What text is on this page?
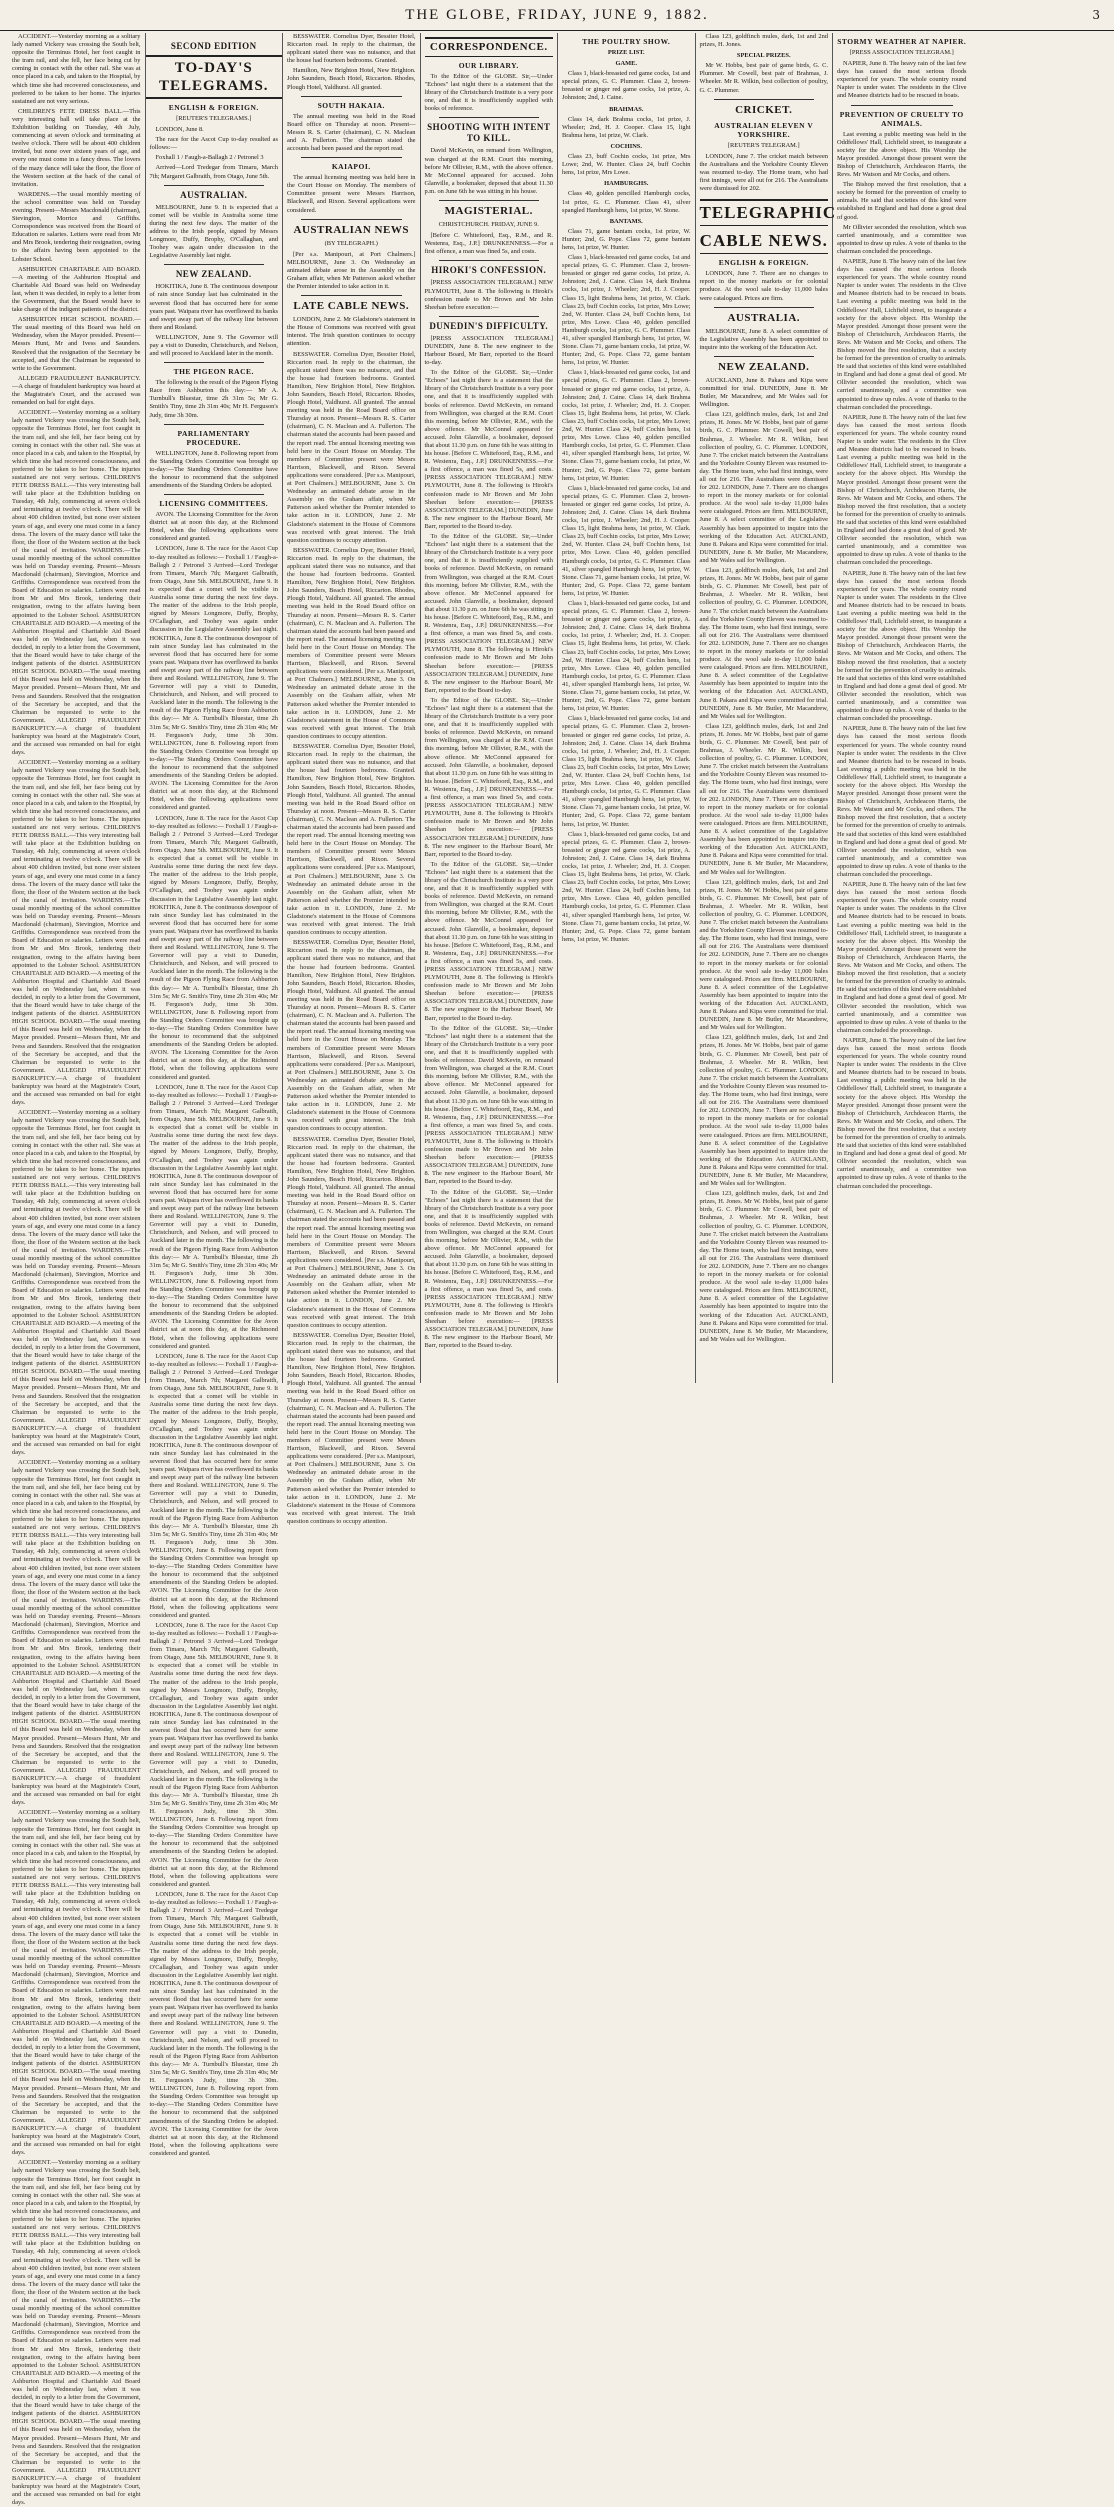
THE GLOBE, FRIDAY, JUNE 9, 1882.	3

ACCIDENT.—Yesterday morning as a solitary lady named Vickery was crossing the South belt, opposite the Terminus Hotel, her foot caught in the tram rail, and she fell, her face being cut by coming in contact with the other rail. She was at once placed in a cab, and taken to the Hospital, by which time she had recovered consciousness, and preferred to be taken to her home. The injuries sustained are not very serious.

CHILDREN'S FETE DRESS BALL.—This very interesting ball will take place at the Exhibition building on Tuesday, 4th July, commencing at seven o'clock and terminating at twelve o'clock. There will be about 400 children invited, but none over sixteen years of age, and every one must come in a fancy dress. The lovers of the mazy dance will take the floor, the floor of the Western section at the back of the canal of invitation.

WARDENS.—The usual monthly meeting of the school committee was held on Tuesday evening. Present—Messrs Macdonald (chairman), Stevington, Morrice and Griffiths. Correspondence was received from the Board of Education re salaries. Letters were read from Mr and Mrs Brook, tendering their resignation, owing to the affairs having been appointed to the Lobster School.

ASHBURTON CHARITABLE AID BOARD.—A meeting of the Ashburton Hospital and Charitable Aid Board was held on Wednesday last, when it was decided, in reply to a letter from the Government, that the Board would have to take charge of the indigent patients of the district.

ASHBURTON HIGH SCHOOL BOARD.—The usual meeting of this Board was held on Wednesday, when the Mayor presided. Present—Messrs Hunt, Mr and Ivess and Saunders. Resolved that the resignation of the Secretary be accepted, and that the Chairman be requested to write to the Government.

ALLEGED FRAUDULENT BANKRUPTCY.—A charge of fraudulent bankruptcy was heard at the Magistrate's Court, and the accused was remanded on bail for eight days.

ACCIDENT.—Yesterday morning as a solitary lady named Vickery was crossing the South belt, opposite the Terminus Hotel, her foot caught in the tram rail, and she fell, her face being cut by coming in contact with the other rail. She was at once placed in a cab, and taken to the Hospital, by which time she had recovered consciousness, and preferred to be taken to her home. The injuries sustained are not very serious. CHILDREN'S FETE DRESS BALL.—This very interesting ball will take place at the Exhibition building on Tuesday, 4th July, commencing at seven o'clock and terminating at twelve o'clock. There will be about 400 children invited, but none over sixteen years of age, and every one must come in a fancy dress. The lovers of the mazy dance will take the floor, the floor of the Western section at the back of the canal of invitation. WARDENS.—The usual monthly meeting of the school committee was held on Tuesday evening. Present—Messrs Macdonald (chairman), Stevington, Morrice and Griffiths. Correspondence was received from the Board of Education re salaries. Letters were read from Mr and Mrs Brook, tendering their resignation, owing to the affairs having been appointed to the Lobster School. ASHBURTON CHARITABLE AID BOARD.—A meeting of the Ashburton Hospital and Charitable Aid Board was held on Wednesday last, when it was decided, in reply to a letter from the Government, that the Board would have to take charge of the indigent patients of the district. ASHBURTON HIGH SCHOOL BOARD.—The usual meeting of this Board was held on Wednesday, when the Mayor presided. Present—Messrs Hunt, Mr and Ivess and Saunders. Resolved that the resignation of the Secretary be accepted, and that the Chairman be requested to write to the Government. ALLEGED FRAUDULENT BANKRUPTCY.—A charge of fraudulent bankruptcy was heard at the Magistrate's Court, and the accused was remanded on bail for eight days.

ACCIDENT.—Yesterday morning as a solitary lady named Vickery was crossing the South belt, opposite the Terminus Hotel, her foot caught in the tram rail, and she fell, her face being cut by coming in contact with the other rail. She was at once placed in a cab, and taken to the Hospital, by which time she had recovered consciousness, and preferred to be taken to her home. The injuries sustained are not very serious. CHILDREN'S FETE DRESS BALL.—This very interesting ball will take place at the Exhibition building on Tuesday, 4th July, commencing at seven o'clock and terminating at twelve o'clock. There will be about 400 children invited, but none over sixteen years of age, and every one must come in a fancy dress. The lovers of the mazy dance will take the floor, the floor of the Western section at the back of the canal of invitation. WARDENS.—The usual monthly meeting of the school committee was held on Tuesday evening. Present—Messrs Macdonald (chairman), Stevington, Morrice and Griffiths. Correspondence was received from the Board of Education re salaries. Letters were read from Mr and Mrs Brook, tendering their resignation, owing to the affairs having been appointed to the Lobster School. ASHBURTON CHARITABLE AID BOARD.—A meeting of the Ashburton Hospital and Charitable Aid Board was held on Wednesday last, when it was decided, in reply to a letter from the Government, that the Board would have to take charge of the indigent patients of the district. ASHBURTON HIGH SCHOOL BOARD.—The usual meeting of this Board was held on Wednesday, when the Mayor presided. Present—Messrs Hunt, Mr and Ivess and Saunders. Resolved that the resignation of the Secretary be accepted, and that the Chairman be requested to write to the Government. ALLEGED FRAUDULENT BANKRUPTCY.—A charge of fraudulent bankruptcy was heard at the Magistrate's Court, and the accused was remanded on bail for eight days.

ACCIDENT.—Yesterday morning as a solitary lady named Vickery was crossing the South belt, opposite the Terminus Hotel, her foot caught in the tram rail, and she fell, her face being cut by coming in contact with the other rail. She was at once placed in a cab, and taken to the Hospital, by which time she had recovered consciousness, and preferred to be taken to her home. The injuries sustained are not very serious. CHILDREN'S FETE DRESS BALL.—This very interesting ball will take place at the Exhibition building on Tuesday, 4th July, commencing at seven o'clock and terminating at twelve o'clock. There will be about 400 children invited, but none over sixteen years of age, and every one must come in a fancy dress. The lovers of the mazy dance will take the floor, the floor of the Western section at the back of the canal of invitation. WARDENS.—The usual monthly meeting of the school committee was held on Tuesday evening. Present—Messrs Macdonald (chairman), Stevington, Morrice and Griffiths. Correspondence was received from the Board of Education re salaries. Letters were read from Mr and Mrs Brook, tendering their resignation, owing to the affairs having been appointed to the Lobster School. ASHBURTON CHARITABLE AID BOARD.—A meeting of the Ashburton Hospital and Charitable Aid Board was held on Wednesday last, when it was decided, in reply to a letter from the Government, that the Board would have to take charge of the indigent patients of the district. ASHBURTON HIGH SCHOOL BOARD.—The usual meeting of this Board was held on Wednesday, when the Mayor presided. Present—Messrs Hunt, Mr and Ivess and Saunders. Resolved that the resignation of the Secretary be accepted, and that the Chairman be requested to write to the Government. ALLEGED FRAUDULENT BANKRUPTCY.—A charge of fraudulent bankruptcy was heard at the Magistrate's Court, and the accused was remanded on bail for eight days.

ACCIDENT.—Yesterday morning as a solitary lady named Vickery was crossing the South belt, opposite the Terminus Hotel, her foot caught in the tram rail, and she fell, her face being cut by coming in contact with the other rail. She was at once placed in a cab, and taken to the Hospital, by which time she had recovered consciousness, and preferred to be taken to her home. The injuries sustained are not very serious. CHILDREN'S FETE DRESS BALL.—This very interesting ball will take place at the Exhibition building on Tuesday, 4th July, commencing at seven o'clock and terminating at twelve o'clock. There will be about 400 children invited, but none over sixteen years of age, and every one must come in a fancy dress. The lovers of the mazy dance will take the floor, the floor of the Western section at the back of the canal of invitation. WARDENS.—The usual monthly meeting of the school committee was held on Tuesday evening. Present—Messrs Macdonald (chairman), Stevington, Morrice and Griffiths. Correspondence was received from the Board of Education re salaries. Letters were read from Mr and Mrs Brook, tendering their resignation, owing to the affairs having been appointed to the Lobster School. ASHBURTON CHARITABLE AID BOARD.—A meeting of the Ashburton Hospital and Charitable Aid Board was held on Wednesday last, when it was decided, in reply to a letter from the Government, that the Board would have to take charge of the indigent patients of the district. ASHBURTON HIGH SCHOOL BOARD.—The usual meeting of this Board was held on Wednesday, when the Mayor presided. Present—Messrs Hunt, Mr and Ivess and Saunders. Resolved that the resignation of the Secretary be accepted, and that the Chairman be requested to write to the Government. ALLEGED FRAUDULENT BANKRUPTCY.—A charge of fraudulent bankruptcy was heard at the Magistrate's Court, and the accused was remanded on bail for eight days.

ACCIDENT.—Yesterday morning as a solitary lady named Vickery was crossing the South belt, opposite the Terminus Hotel, her foot caught in the tram rail, and she fell, her face being cut by coming in contact with the other rail. She was at once placed in a cab, and taken to the Hospital, by which time she had recovered consciousness, and preferred to be taken to her home. The injuries sustained are not very serious. CHILDREN'S FETE DRESS BALL.—This very interesting ball will take place at the Exhibition building on Tuesday, 4th July, commencing at seven o'clock and terminating at twelve o'clock. There will be about 400 children invited, but none over sixteen years of age, and every one must come in a fancy dress. The lovers of the mazy dance will take the floor, the floor of the Western section at the back of the canal of invitation. WARDENS.—The usual monthly meeting of the school committee was held on Tuesday evening. Present—Messrs Macdonald (chairman), Stevington, Morrice and Griffiths. Correspondence was received from the Board of Education re salaries. Letters were read from Mr and Mrs Brook, tendering their resignation, owing to the affairs having been appointed to the Lobster School. ASHBURTON CHARITABLE AID BOARD.—A meeting of the Ashburton Hospital and Charitable Aid Board was held on Wednesday last, when it was decided, in reply to a letter from the Government, that the Board would have to take charge of the indigent patients of the district. ASHBURTON HIGH SCHOOL BOARD.—The usual meeting of this Board was held on Wednesday, when the Mayor presided. Present—Messrs Hunt, Mr and Ivess and Saunders. Resolved that the resignation of the Secretary be accepted, and that the Chairman be requested to write to the Government. ALLEGED FRAUDULENT BANKRUPTCY.—A charge of fraudulent bankruptcy was heard at the Magistrate's Court, and the accused was remanded on bail for eight days.

ACCIDENT.—Yesterday morning as a solitary lady named Vickery was crossing the South belt, opposite the Terminus Hotel, her foot caught in the tram rail, and she fell, her face being cut by coming in contact with the other rail. She was at once placed in a cab, and taken to the Hospital, by which time she had recovered consciousness, and preferred to be taken to her home. The injuries sustained are not very serious. CHILDREN'S FETE DRESS BALL.—This very interesting ball will take place at the Exhibition building on Tuesday, 4th July, commencing at seven o'clock and terminating at twelve o'clock. There will be about 400 children invited, but none over sixteen years of age, and every one must come in a fancy dress. The lovers of the mazy dance will take the floor, the floor of the Western section at the back of the canal of invitation. WARDENS.—The usual monthly meeting of the school committee was held on Tuesday evening. Present—Messrs Macdonald (chairman), Stevington, Morrice and Griffiths. Correspondence was received from the Board of Education re salaries. Letters were read from Mr and Mrs Brook, tendering their resignation, owing to the affairs having been appointed to the Lobster School. ASHBURTON CHARITABLE AID BOARD.—A meeting of the Ashburton Hospital and Charitable Aid Board was held on Wednesday last, when it was decided, in reply to a letter from the Government, that the Board would have to take charge of the indigent patients of the district. ASHBURTON HIGH SCHOOL BOARD.—The usual meeting of this Board was held on Wednesday, when the Mayor presided. Present—Messrs Hunt, Mr and Ivess and Saunders. Resolved that the resignation of the Secretary be accepted, and that the Chairman be requested to write to the Government. ALLEGED FRAUDULENT BANKRUPTCY.—A charge of fraudulent bankruptcy was heard at the Magistrate's Court, and the accused was remanded on bail for eight days.

SECOND EDITION
TO-DAY'S TELEGRAMS.
ENGLISH & FOREIGN.
[REUTER'S TELEGRAMS.]

LONDON, June 8.

The race for the Ascot Cup to-day resulted as follows:—

Foxhall 1 / Faugh-a-Ballagh 2 / Petronel 3

Arrived—Lord Tredegar from Timaru, March 7th; Margaret Galbraith, from Otago, June 5th.

AUSTRALIAN.

MELBOURNE, June 9. It is expected that a comet will be visible in Australia some time during the next few days. The matter of the address to the Irish people, signed by Messrs Longmore, Duffy, Brophy, O'Callaghan, and Toohey was again under discussion in the Legislative Assembly last night.

NEW ZEALAND.

HOKITIKA, June 8. The continuous downpour of rain since Sunday last has culminated in the severest flood that has occurred here for some years past. Waipara river has overflowed its banks and swept away part of the railway line between there and Rosland.

WELLINGTON, June 9. The Governor will pay a visit to Dunedin, Christchurch, and Nelson, and will proceed to Auckland later in the month.

THE PIGEON RACE.

The following is the result of the Pigeon Flying Race from Ashburton this day:— Mr A. Turnbull's Bluestar, time 2h 31m 5s; Mr G. Smith's Tiny, time 2h 31m 40s; Mr H. Ferguson's Judy, time 3h 30m.

PARLIAMENTARY PROCEDURE.

WELLINGTON, June 8. Following report from the Standing Orders Committee was brought up to-day:—The Standing Orders Committee have the honour to recommend that the subjoined amendments of the Standing Orders be adopted.

LICENSING COMMITTEES.

AVON. The Licensing Committee for the Avon district sat at noon this day, at the Richmond Hotel, when the following applications were considered and granted.

LONDON, June 8. The race for the Ascot Cup to-day resulted as follows:— Foxhall 1 / Faugh-a-Ballagh 2 / Petronel 3 Arrived—Lord Tredegar from Timaru, March 7th; Margaret Galbraith, from Otago, June 5th. MELBOURNE, June 9. It is expected that a comet will be visible in Australia some time during the next few days. The matter of the address to the Irish people, signed by Messrs Longmore, Duffy, Brophy, O'Callaghan, and Toohey was again under discussion in the Legislative Assembly last night. HOKITIKA, June 8. The continuous downpour of rain since Sunday last has culminated in the severest flood that has occurred here for some years past. Waipara river has overflowed its banks and swept away part of the railway line between there and Rosland. WELLINGTON, June 9. The Governor will pay a visit to Dunedin, Christchurch, and Nelson, and will proceed to Auckland later in the month. The following is the result of the Pigeon Flying Race from Ashburton this day:— Mr A. Turnbull's Bluestar, time 2h 31m 5s; Mr G. Smith's Tiny, time 2h 31m 40s; Mr H. Ferguson's Judy, time 3h 30m. WELLINGTON, June 8. Following report from the Standing Orders Committee was brought up to-day:—The Standing Orders Committee have the honour to recommend that the subjoined amendments of the Standing Orders be adopted. AVON. The Licensing Committee for the Avon district sat at noon this day, at the Richmond Hotel, when the following applications were considered and granted.

LONDON, June 8. The race for the Ascot Cup to-day resulted as follows:— Foxhall 1 / Faugh-a-Ballagh 2 / Petronel 3 Arrived—Lord Tredegar from Timaru, March 7th; Margaret Galbraith, from Otago, June 5th. MELBOURNE, June 9. It is expected that a comet will be visible in Australia some time during the next few days. The matter of the address to the Irish people, signed by Messrs Longmore, Duffy, Brophy, O'Callaghan, and Toohey was again under discussion in the Legislative Assembly last night. HOKITIKA, June 8. The continuous downpour of rain since Sunday last has culminated in the severest flood that has occurred here for some years past. Waipara river has overflowed its banks and swept away part of the railway line between there and Rosland. WELLINGTON, June 9. The Governor will pay a visit to Dunedin, Christchurch, and Nelson, and will proceed to Auckland later in the month. The following is the result of the Pigeon Flying Race from Ashburton this day:— Mr A. Turnbull's Bluestar, time 2h 31m 5s; Mr G. Smith's Tiny, time 2h 31m 40s; Mr H. Ferguson's Judy, time 3h 30m. WELLINGTON, June 8. Following report from the Standing Orders Committee was brought up to-day:—The Standing Orders Committee have the honour to recommend that the subjoined amendments of the Standing Orders be adopted. AVON. The Licensing Committee for the Avon district sat at noon this day, at the Richmond Hotel, when the following applications were considered and granted.

LONDON, June 8. The race for the Ascot Cup to-day resulted as follows:— Foxhall 1 / Faugh-a-Ballagh 2 / Petronel 3 Arrived—Lord Tredegar from Timaru, March 7th; Margaret Galbraith, from Otago, June 5th. MELBOURNE, June 9. It is expected that a comet will be visible in Australia some time during the next few days. The matter of the address to the Irish people, signed by Messrs Longmore, Duffy, Brophy, O'Callaghan, and Toohey was again under discussion in the Legislative Assembly last night. HOKITIKA, June 8. The continuous downpour of rain since Sunday last has culminated in the severest flood that has occurred here for some years past. Waipara river has overflowed its banks and swept away part of the railway line between there and Rosland. WELLINGTON, June 9. The Governor will pay a visit to Dunedin, Christchurch, and Nelson, and will proceed to Auckland later in the month. The following is the result of the Pigeon Flying Race from Ashburton this day:— Mr A. Turnbull's Bluestar, time 2h 31m 5s; Mr G. Smith's Tiny, time 2h 31m 40s; Mr H. Ferguson's Judy, time 3h 30m. WELLINGTON, June 8. Following report from the Standing Orders Committee was brought up to-day:—The Standing Orders Committee have the honour to recommend that the subjoined amendments of the Standing Orders be adopted. AVON. The Licensing Committee for the Avon district sat at noon this day, at the Richmond Hotel, when the following applications were considered and granted.

LONDON, June 8. The race for the Ascot Cup to-day resulted as follows:— Foxhall 1 / Faugh-a-Ballagh 2 / Petronel 3 Arrived—Lord Tredegar from Timaru, March 7th; Margaret Galbraith, from Otago, June 5th. MELBOURNE, June 9. It is expected that a comet will be visible in Australia some time during the next few days. The matter of the address to the Irish people, signed by Messrs Longmore, Duffy, Brophy, O'Callaghan, and Toohey was again under discussion in the Legislative Assembly last night. HOKITIKA, June 8. The continuous downpour of rain since Sunday last has culminated in the severest flood that has occurred here for some years past. Waipara river has overflowed its banks and swept away part of the railway line between there and Rosland. WELLINGTON, June 9. The Governor will pay a visit to Dunedin, Christchurch, and Nelson, and will proceed to Auckland later in the month. The following is the result of the Pigeon Flying Race from Ashburton this day:— Mr A. Turnbull's Bluestar, time 2h 31m 5s; Mr G. Smith's Tiny, time 2h 31m 40s; Mr H. Ferguson's Judy, time 3h 30m. WELLINGTON, June 8. Following report from the Standing Orders Committee was brought up to-day:—The Standing Orders Committee have the honour to recommend that the subjoined amendments of the Standing Orders be adopted. AVON. The Licensing Committee for the Avon district sat at noon this day, at the Richmond Hotel, when the following applications were considered and granted.

LONDON, June 8. The race for the Ascot Cup to-day resulted as follows:— Foxhall 1 / Faugh-a-Ballagh 2 / Petronel 3 Arrived—Lord Tredegar from Timaru, March 7th; Margaret Galbraith, from Otago, June 5th. MELBOURNE, June 9. It is expected that a comet will be visible in Australia some time during the next few days. The matter of the address to the Irish people, signed by Messrs Longmore, Duffy, Brophy, O'Callaghan, and Toohey was again under discussion in the Legislative Assembly last night. HOKITIKA, June 8. The continuous downpour of rain since Sunday last has culminated in the severest flood that has occurred here for some years past. Waipara river has overflowed its banks and swept away part of the railway line between there and Rosland. WELLINGTON, June 9. The Governor will pay a visit to Dunedin, Christchurch, and Nelson, and will proceed to Auckland later in the month. The following is the result of the Pigeon Flying Race from Ashburton this day:— Mr A. Turnbull's Bluestar, time 2h 31m 5s; Mr G. Smith's Tiny, time 2h 31m 40s; Mr H. Ferguson's Judy, time 3h 30m. WELLINGTON, June 8. Following report from the Standing Orders Committee was brought up to-day:—The Standing Orders Committee have the honour to recommend that the subjoined amendments of the Standing Orders be adopted. AVON. The Licensing Committee for the Avon district sat at noon this day, at the Richmond Hotel, when the following applications were considered and granted.

LONDON, June 8. The race for the Ascot Cup to-day resulted as follows:— Foxhall 1 / Faugh-a-Ballagh 2 / Petronel 3 Arrived—Lord Tredegar from Timaru, March 7th; Margaret Galbraith, from Otago, June 5th. MELBOURNE, June 9. It is expected that a comet will be visible in Australia some time during the next few days. The matter of the address to the Irish people, signed by Messrs Longmore, Duffy, Brophy, O'Callaghan, and Toohey was again under discussion in the Legislative Assembly last night. HOKITIKA, June 8. The continuous downpour of rain since Sunday last has culminated in the severest flood that has occurred here for some years past. Waipara river has overflowed its banks and swept away part of the railway line between there and Rosland. WELLINGTON, June 9. The Governor will pay a visit to Dunedin, Christchurch, and Nelson, and will proceed to Auckland later in the month. The following is the result of the Pigeon Flying Race from Ashburton this day:— Mr A. Turnbull's Bluestar, time 2h 31m 5s; Mr G. Smith's Tiny, time 2h 31m 40s; Mr H. Ferguson's Judy, time 3h 30m. WELLINGTON, June 8. Following report from the Standing Orders Committee was brought up to-day:—The Standing Orders Committee have the honour to recommend that the subjoined amendments of the Standing Orders be adopted. AVON. The Licensing Committee for the Avon district sat at noon this day, at the Richmond Hotel, when the following applications were considered and granted.

BESSWATER. Cornelius Dyer, Bessiter Hotel, Riccarton road. In reply to the chairman, the applicant stated there was no nuisance, and that the house had fourteen bedrooms. Granted.

Hamilton, New Brighton Hotel, New Brighton. John Saunders, Beach Hotel, Riccarton. Rhodes, Plough Hotel, Yaldhurst. All granted.

SOUTH HAKAIA.

The annual meeting was held in the Road Board office on Thursday at noon. Present—Messrs R. S. Carter (chairman), C. N. Maclean and A. Fullerton. The chairman stated the accounts had been passed and the report read.

KAIAPOI.

The annual licensing meeting was held here in the Court House on Monday. The members of Committee present were Messrs Harrison, Blackwell, and Rixon. Several applications were considered.

AUSTRALIAN NEWS
(BY TELEGRAPH.)

[Per s.s. Manipouri, at Port Chalmers.] MELBOURNE, June 3. On Wednesday an animated debate arose in the Assembly on the Graham affair, when Mr Patterson asked whether the Premier intended to take action in it.

LATE CABLE NEWS.

LONDON, June 2. Mr Gladstone's statement in the House of Commons was received with great interest. The Irish question continues to occupy attention.

BESSWATER. Cornelius Dyer, Bessiter Hotel, Riccarton road. In reply to the chairman, the applicant stated there was no nuisance, and that the house had fourteen bedrooms. Granted. Hamilton, New Brighton Hotel, New Brighton. John Saunders, Beach Hotel, Riccarton. Rhodes, Plough Hotel, Yaldhurst. All granted. The annual meeting was held in the Road Board office on Thursday at noon. Present—Messrs R. S. Carter (chairman), C. N. Maclean and A. Fullerton. The chairman stated the accounts had been passed and the report read. The annual licensing meeting was held here in the Court House on Monday. The members of Committee present were Messrs Harrison, Blackwell, and Rixon. Several applications were considered. [Per s.s. Manipouri, at Port Chalmers.] MELBOURNE, June 3. On Wednesday an animated debate arose in the Assembly on the Graham affair, when Mr Patterson asked whether the Premier intended to take action in it. LONDON, June 2. Mr Gladstone's statement in the House of Commons was received with great interest. The Irish question continues to occupy attention.

BESSWATER. Cornelius Dyer, Bessiter Hotel, Riccarton road. In reply to the chairman, the applicant stated there was no nuisance, and that the house had fourteen bedrooms. Granted. Hamilton, New Brighton Hotel, New Brighton. John Saunders, Beach Hotel, Riccarton. Rhodes, Plough Hotel, Yaldhurst. All granted. The annual meeting was held in the Road Board office on Thursday at noon. Present—Messrs R. S. Carter (chairman), C. N. Maclean and A. Fullerton. The chairman stated the accounts had been passed and the report read. The annual licensing meeting was held here in the Court House on Monday. The members of Committee present were Messrs Harrison, Blackwell, and Rixon. Several applications were considered. [Per s.s. Manipouri, at Port Chalmers.] MELBOURNE, June 3. On Wednesday an animated debate arose in the Assembly on the Graham affair, when Mr Patterson asked whether the Premier intended to take action in it. LONDON, June 2. Mr Gladstone's statement in the House of Commons was received with great interest. The Irish question continues to occupy attention.

BESSWATER. Cornelius Dyer, Bessiter Hotel, Riccarton road. In reply to the chairman, the applicant stated there was no nuisance, and that the house had fourteen bedrooms. Granted. Hamilton, New Brighton Hotel, New Brighton. John Saunders, Beach Hotel, Riccarton. Rhodes, Plough Hotel, Yaldhurst. All granted. The annual meeting was held in the Road Board office on Thursday at noon. Present—Messrs R. S. Carter (chairman), C. N. Maclean and A. Fullerton. The chairman stated the accounts had been passed and the report read. The annual licensing meeting was held here in the Court House on Monday. The members of Committee present were Messrs Harrison, Blackwell, and Rixon. Several applications were considered. [Per s.s. Manipouri, at Port Chalmers.] MELBOURNE, June 3. On Wednesday an animated debate arose in the Assembly on the Graham affair, when Mr Patterson asked whether the Premier intended to take action in it. LONDON, June 2. Mr Gladstone's statement in the House of Commons was received with great interest. The Irish question continues to occupy attention.

BESSWATER. Cornelius Dyer, Bessiter Hotel, Riccarton road. In reply to the chairman, the applicant stated there was no nuisance, and that the house had fourteen bedrooms. Granted. Hamilton, New Brighton Hotel, New Brighton. John Saunders, Beach Hotel, Riccarton. Rhodes, Plough Hotel, Yaldhurst. All granted. The annual meeting was held in the Road Board office on Thursday at noon. Present—Messrs R. S. Carter (chairman), C. N. Maclean and A. Fullerton. The chairman stated the accounts had been passed and the report read. The annual licensing meeting was held here in the Court House on Monday. The members of Committee present were Messrs Harrison, Blackwell, and Rixon. Several applications were considered. [Per s.s. Manipouri, at Port Chalmers.] MELBOURNE, June 3. On Wednesday an animated debate arose in the Assembly on the Graham affair, when Mr Patterson asked whether the Premier intended to take action in it. LONDON, June 2. Mr Gladstone's statement in the House of Commons was received with great interest. The Irish question continues to occupy attention.

BESSWATER. Cornelius Dyer, Bessiter Hotel, Riccarton road. In reply to the chairman, the applicant stated there was no nuisance, and that the house had fourteen bedrooms. Granted. Hamilton, New Brighton Hotel, New Brighton. John Saunders, Beach Hotel, Riccarton. Rhodes, Plough Hotel, Yaldhurst. All granted. The annual meeting was held in the Road Board office on Thursday at noon. Present—Messrs R. S. Carter (chairman), C. N. Maclean and A. Fullerton. The chairman stated the accounts had been passed and the report read. The annual licensing meeting was held here in the Court House on Monday. The members of Committee present were Messrs Harrison, Blackwell, and Rixon. Several applications were considered. [Per s.s. Manipouri, at Port Chalmers.] MELBOURNE, June 3. On Wednesday an animated debate arose in the Assembly on the Graham affair, when Mr Patterson asked whether the Premier intended to take action in it. LONDON, June 2. Mr Gladstone's statement in the House of Commons was received with great interest. The Irish question continues to occupy attention.

BESSWATER. Cornelius Dyer, Bessiter Hotel, Riccarton road. In reply to the chairman, the applicant stated there was no nuisance, and that the house had fourteen bedrooms. Granted. Hamilton, New Brighton Hotel, New Brighton. John Saunders, Beach Hotel, Riccarton. Rhodes, Plough Hotel, Yaldhurst. All granted. The annual meeting was held in the Road Board office on Thursday at noon. Present—Messrs R. S. Carter (chairman), C. N. Maclean and A. Fullerton. The chairman stated the accounts had been passed and the report read. The annual licensing meeting was held here in the Court House on Monday. The members of Committee present were Messrs Harrison, Blackwell, and Rixon. Several applications were considered. [Per s.s. Manipouri, at Port Chalmers.] MELBOURNE, June 3. On Wednesday an animated debate arose in the Assembly on the Graham affair, when Mr Patterson asked whether the Premier intended to take action in it. LONDON, June 2. Mr Gladstone's statement in the House of Commons was received with great interest. The Irish question continues to occupy attention.

CORRESPONDENCE.
OUR LIBRARY.

To the Editor of the GLOBE. Sir,—Under "Echoes" last night there is a statement that the library of the Christchurch Institute is a very poor one, and that it is insufficiently supplied with books of reference.

SHOOTING WITH INTENT TO KILL.

David McKevin, on remand from Wellington, was charged at the R.M. Court this morning, before Mr Ollivier, R.M., with the above offence. Mr McConnel appeared for accused. John Glanville, a bookmaker, deposed that about 11.30 p.m. on June 6th he was sitting in his house.

MAGISTERIAL.
CHRISTCHURCH. FRIDAY, JUNE 9.

[Before C. Whitefoord, Esq., R.M., and R. Westenra, Esq., J.P.] DRUNKENNESS.—For a first offence, a man was fined 5s, and costs.

HIROKI'S CONFESSION.

[PRESS ASSOCIATION TELEGRAM.] NEW PLYMOUTH, June 8. The following is Hiroki's confession made to Mr Brown and Mr John Sheehan before execution:—

DUNEDIN'S DIFFICULTY.

[PRESS ASSOCIATION TELEGRAM.] DUNEDIN, June 8. The new engineer to the Harbour Board, Mr Barr, reported to the Board to-day.

To the Editor of the GLOBE. Sir,—Under "Echoes" last night there is a statement that the library of the Christchurch Institute is a very poor one, and that it is insufficiently supplied with books of reference. David McKevin, on remand from Wellington, was charged at the R.M. Court this morning, before Mr Ollivier, R.M., with the above offence. Mr McConnel appeared for accused. John Glanville, a bookmaker, deposed that about 11.30 p.m. on June 6th he was sitting in his house. [Before C. Whitefoord, Esq., R.M., and R. Westenra, Esq., J.P.] DRUNKENNESS.—For a first offence, a man was fined 5s, and costs. [PRESS ASSOCIATION TELEGRAM.] NEW PLYMOUTH, June 8. The following is Hiroki's confession made to Mr Brown and Mr John Sheehan before execution:— [PRESS ASSOCIATION TELEGRAM.] DUNEDIN, June 8. The new engineer to the Harbour Board, Mr Barr, reported to the Board to-day.

To the Editor of the GLOBE. Sir,—Under "Echoes" last night there is a statement that the library of the Christchurch Institute is a very poor one, and that it is insufficiently supplied with books of reference. David McKevin, on remand from Wellington, was charged at the R.M. Court this morning, before Mr Ollivier, R.M., with the above offence. Mr McConnel appeared for accused. John Glanville, a bookmaker, deposed that about 11.30 p.m. on June 6th he was sitting in his house. [Before C. Whitefoord, Esq., R.M., and R. Westenra, Esq., J.P.] DRUNKENNESS.—For a first offence, a man was fined 5s, and costs. [PRESS ASSOCIATION TELEGRAM.] NEW PLYMOUTH, June 8. The following is Hiroki's confession made to Mr Brown and Mr John Sheehan before execution:— [PRESS ASSOCIATION TELEGRAM.] DUNEDIN, June 8. The new engineer to the Harbour Board, Mr Barr, reported to the Board to-day.

To the Editor of the GLOBE. Sir,—Under "Echoes" last night there is a statement that the library of the Christchurch Institute is a very poor one, and that it is insufficiently supplied with books of reference. David McKevin, on remand from Wellington, was charged at the R.M. Court this morning, before Mr Ollivier, R.M., with the above offence. Mr McConnel appeared for accused. John Glanville, a bookmaker, deposed that about 11.30 p.m. on June 6th he was sitting in his house. [Before C. Whitefoord, Esq., R.M., and R. Westenra, Esq., J.P.] DRUNKENNESS.—For a first offence, a man was fined 5s, and costs. [PRESS ASSOCIATION TELEGRAM.] NEW PLYMOUTH, June 8. The following is Hiroki's confession made to Mr Brown and Mr John Sheehan before execution:— [PRESS ASSOCIATION TELEGRAM.] DUNEDIN, June 8. The new engineer to the Harbour Board, Mr Barr, reported to the Board to-day.

To the Editor of the GLOBE. Sir,—Under "Echoes" last night there is a statement that the library of the Christchurch Institute is a very poor one, and that it is insufficiently supplied with books of reference. David McKevin, on remand from Wellington, was charged at the R.M. Court this morning, before Mr Ollivier, R.M., with the above offence. Mr McConnel appeared for accused. John Glanville, a bookmaker, deposed that about 11.30 p.m. on June 6th he was sitting in his house. [Before C. Whitefoord, Esq., R.M., and R. Westenra, Esq., J.P.] DRUNKENNESS.—For a first offence, a man was fined 5s, and costs. [PRESS ASSOCIATION TELEGRAM.] NEW PLYMOUTH, June 8. The following is Hiroki's confession made to Mr Brown and Mr John Sheehan before execution:— [PRESS ASSOCIATION TELEGRAM.] DUNEDIN, June 8. The new engineer to the Harbour Board, Mr Barr, reported to the Board to-day.

To the Editor of the GLOBE. Sir,—Under "Echoes" last night there is a statement that the library of the Christchurch Institute is a very poor one, and that it is insufficiently supplied with books of reference. David McKevin, on remand from Wellington, was charged at the R.M. Court this morning, before Mr Ollivier, R.M., with the above offence. Mr McConnel appeared for accused. John Glanville, a bookmaker, deposed that about 11.30 p.m. on June 6th he was sitting in his house. [Before C. Whitefoord, Esq., R.M., and R. Westenra, Esq., J.P.] DRUNKENNESS.—For a first offence, a man was fined 5s, and costs. [PRESS ASSOCIATION TELEGRAM.] NEW PLYMOUTH, June 8. The following is Hiroki's confession made to Mr Brown and Mr John Sheehan before execution:— [PRESS ASSOCIATION TELEGRAM.] DUNEDIN, June 8. The new engineer to the Harbour Board, Mr Barr, reported to the Board to-day.

To the Editor of the GLOBE. Sir,—Under "Echoes" last night there is a statement that the library of the Christchurch Institute is a very poor one, and that it is insufficiently supplied with books of reference. David McKevin, on remand from Wellington, was charged at the R.M. Court this morning, before Mr Ollivier, R.M., with the above offence. Mr McConnel appeared for accused. John Glanville, a bookmaker, deposed that about 11.30 p.m. on June 6th he was sitting in his house. [Before C. Whitefoord, Esq., R.M., and R. Westenra, Esq., J.P.] DRUNKENNESS.—For a first offence, a man was fined 5s, and costs. [PRESS ASSOCIATION TELEGRAM.] NEW PLYMOUTH, June 8. The following is Hiroki's confession made to Mr Brown and Mr John Sheehan before execution:— [PRESS ASSOCIATION TELEGRAM.] DUNEDIN, June 8. The new engineer to the Harbour Board, Mr Barr, reported to the Board to-day.

THE POULTRY SHOW.
PRIZE LIST.
GAME.

Class 1, black-breasted red game cocks, 1st and special prizes, G. C. Plummer. Class 2, brown-breasted or ginger red game cocks, 1st prize, A. Johnston; 2nd, J. Caine.

BRAHMAS.

Class 14, dark Brahma cocks, 1st prize, J. Wheeler; 2nd, H. J. Cooper. Class 15, light Brahma hens, 1st prize, W. Clark.

COCHINS.

Class 23, buff Cochin cocks, 1st prize, Mrs Lowe; 2nd, W. Hunter. Class 24, buff Cochin hens, 1st prize, Mrs Lowe.

HAMBURGHS.

Class 40, golden pencilled Hamburgh cocks, 1st prize, G. C. Plummer. Class 41, silver spangled Hamburgh hens, 1st prize, W. Stone.

BANTAMS.

Class 71, game bantam cocks, 1st prize, W. Hunter; 2nd, G. Pope. Class 72, game bantam hens, 1st prize, W. Hunter.

Class 1, black-breasted red game cocks, 1st and special prizes, G. C. Plummer. Class 2, brown-breasted or ginger red game cocks, 1st prize, A. Johnston; 2nd, J. Caine. Class 14, dark Brahma cocks, 1st prize, J. Wheeler; 2nd, H. J. Cooper. Class 15, light Brahma hens, 1st prize, W. Clark. Class 23, buff Cochin cocks, 1st prize, Mrs Lowe; 2nd, W. Hunter. Class 24, buff Cochin hens, 1st prize, Mrs Lowe. Class 40, golden pencilled Hamburgh cocks, 1st prize, G. C. Plummer. Class 41, silver spangled Hamburgh hens, 1st prize, W. Stone. Class 71, game bantam cocks, 1st prize, W. Hunter; 2nd, G. Pope. Class 72, game bantam hens, 1st prize, W. Hunter.

Class 1, black-breasted red game cocks, 1st and special prizes, G. C. Plummer. Class 2, brown-breasted or ginger red game cocks, 1st prize, A. Johnston; 2nd, J. Caine. Class 14, dark Brahma cocks, 1st prize, J. Wheeler; 2nd, H. J. Cooper. Class 15, light Brahma hens, 1st prize, W. Clark. Class 23, buff Cochin cocks, 1st prize, Mrs Lowe; 2nd, W. Hunter. Class 24, buff Cochin hens, 1st prize, Mrs Lowe. Class 40, golden pencilled Hamburgh cocks, 1st prize, G. C. Plummer. Class 41, silver spangled Hamburgh hens, 1st prize, W. Stone. Class 71, game bantam cocks, 1st prize, W. Hunter; 2nd, G. Pope. Class 72, game bantam hens, 1st prize, W. Hunter.

Class 1, black-breasted red game cocks, 1st and special prizes, G. C. Plummer. Class 2, brown-breasted or ginger red game cocks, 1st prize, A. Johnston; 2nd, J. Caine. Class 14, dark Brahma cocks, 1st prize, J. Wheeler; 2nd, H. J. Cooper. Class 15, light Brahma hens, 1st prize, W. Clark. Class 23, buff Cochin cocks, 1st prize, Mrs Lowe; 2nd, W. Hunter. Class 24, buff Cochin hens, 1st prize, Mrs Lowe. Class 40, golden pencilled Hamburgh cocks, 1st prize, G. C. Plummer. Class 41, silver spangled Hamburgh hens, 1st prize, W. Stone. Class 71, game bantam cocks, 1st prize, W. Hunter; 2nd, G. Pope. Class 72, game bantam hens, 1st prize, W. Hunter.

Class 1, black-breasted red game cocks, 1st and special prizes, G. C. Plummer. Class 2, brown-breasted or ginger red game cocks, 1st prize, A. Johnston; 2nd, J. Caine. Class 14, dark Brahma cocks, 1st prize, J. Wheeler; 2nd, H. J. Cooper. Class 15, light Brahma hens, 1st prize, W. Clark. Class 23, buff Cochin cocks, 1st prize, Mrs Lowe; 2nd, W. Hunter. Class 24, buff Cochin hens, 1st prize, Mrs Lowe. Class 40, golden pencilled Hamburgh cocks, 1st prize, G. C. Plummer. Class 41, silver spangled Hamburgh hens, 1st prize, W. Stone. Class 71, game bantam cocks, 1st prize, W. Hunter; 2nd, G. Pope. Class 72, game bantam hens, 1st prize, W. Hunter.

Class 1, black-breasted red game cocks, 1st and special prizes, G. C. Plummer. Class 2, brown-breasted or ginger red game cocks, 1st prize, A. Johnston; 2nd, J. Caine. Class 14, dark Brahma cocks, 1st prize, J. Wheeler; 2nd, H. J. Cooper. Class 15, light Brahma hens, 1st prize, W. Clark. Class 23, buff Cochin cocks, 1st prize, Mrs Lowe; 2nd, W. Hunter. Class 24, buff Cochin hens, 1st prize, Mrs Lowe. Class 40, golden pencilled Hamburgh cocks, 1st prize, G. C. Plummer. Class 41, silver spangled Hamburgh hens, 1st prize, W. Stone. Class 71, game bantam cocks, 1st prize, W. Hunter; 2nd, G. Pope. Class 72, game bantam hens, 1st prize, W. Hunter.

Class 1, black-breasted red game cocks, 1st and special prizes, G. C. Plummer. Class 2, brown-breasted or ginger red game cocks, 1st prize, A. Johnston; 2nd, J. Caine. Class 14, dark Brahma cocks, 1st prize, J. Wheeler; 2nd, H. J. Cooper. Class 15, light Brahma hens, 1st prize, W. Clark. Class 23, buff Cochin cocks, 1st prize, Mrs Lowe; 2nd, W. Hunter. Class 24, buff Cochin hens, 1st prize, Mrs Lowe. Class 40, golden pencilled Hamburgh cocks, 1st prize, G. C. Plummer. Class 41, silver spangled Hamburgh hens, 1st prize, W. Stone. Class 71, game bantam cocks, 1st prize, W. Hunter; 2nd, G. Pope. Class 72, game bantam hens, 1st prize, W. Hunter.

Class 123, goldfinch mules, dark, 1st and 2nd prizes, H. Jones.

SPECIAL PRIZES.

Mr W. Hobbs, best pair of game birds, G. C. Plummer. Mr Cowell, best pair of Brahmas, J. Wheeler. Mr R. Wilkin, best collection of poultry, G. C. Plummer.

CRICKET.
AUSTRALIAN ELEVEN V YORKSHIRE.
[REUTER'S TELEGRAM.]

LONDON, June 7. The cricket match between the Australians and the Yorkshire County Eleven was resumed to-day. The Home team, who had first innings, were all out for 216. The Australians were dismissed for 202.

TELEGRAPHIC
CABLE NEWS.
ENGLISH & FOREIGN.

LONDON, June 7. There are no changes to report in the money markets or for colonial produce. At the wool sale to-day 11,000 bales were catalogued. Prices are firm.

AUSTRALIA.

MELBOURNE, June 8. A select committee of the Legislative Assembly has been appointed to inquire into the working of the Education Act.

NEW ZEALAND.

AUCKLAND, June 8. Pakara and Kipa were committed for trial. DUNEDIN, June 8. Mr Butler, Mr Macandrew, and Mr Wales sail for Wellington.

Class 123, goldfinch mules, dark, 1st and 2nd prizes, H. Jones. Mr W. Hobbs, best pair of game birds, G. C. Plummer. Mr Cowell, best pair of Brahmas, J. Wheeler. Mr R. Wilkin, best collection of poultry, G. C. Plummer. LONDON, June 7. The cricket match between the Australians and the Yorkshire County Eleven was resumed to-day. The Home team, who had first innings, were all out for 216. The Australians were dismissed for 202. LONDON, June 7. There are no changes to report in the money markets or for colonial produce. At the wool sale to-day 11,000 bales were catalogued. Prices are firm. MELBOURNE, June 8. A select committee of the Legislative Assembly has been appointed to inquire into the working of the Education Act. AUCKLAND, June 8. Pakara and Kipa were committed for trial. DUNEDIN, June 8. Mr Butler, Mr Macandrew, and Mr Wales sail for Wellington.

Class 123, goldfinch mules, dark, 1st and 2nd prizes, H. Jones. Mr W. Hobbs, best pair of game birds, G. C. Plummer. Mr Cowell, best pair of Brahmas, J. Wheeler. Mr R. Wilkin, best collection of poultry, G. C. Plummer. LONDON, June 7. The cricket match between the Australians and the Yorkshire County Eleven was resumed to-day. The Home team, who had first innings, were all out for 216. The Australians were dismissed for 202. LONDON, June 7. There are no changes to report in the money markets or for colonial produce. At the wool sale to-day 11,000 bales were catalogued. Prices are firm. MELBOURNE, June 8. A select committee of the Legislative Assembly has been appointed to inquire into the working of the Education Act. AUCKLAND, June 8. Pakara and Kipa were committed for trial. DUNEDIN, June 8. Mr Butler, Mr Macandrew, and Mr Wales sail for Wellington.

Class 123, goldfinch mules, dark, 1st and 2nd prizes, H. Jones. Mr W. Hobbs, best pair of game birds, G. C. Plummer. Mr Cowell, best pair of Brahmas, J. Wheeler. Mr R. Wilkin, best collection of poultry, G. C. Plummer. LONDON, June 7. The cricket match between the Australians and the Yorkshire County Eleven was resumed to-day. The Home team, who had first innings, were all out for 216. The Australians were dismissed for 202. LONDON, June 7. There are no changes to report in the money markets or for colonial produce. At the wool sale to-day 11,000 bales were catalogued. Prices are firm. MELBOURNE, June 8. A select committee of the Legislative Assembly has been appointed to inquire into the working of the Education Act. AUCKLAND, June 8. Pakara and Kipa were committed for trial. DUNEDIN, June 8. Mr Butler, Mr Macandrew, and Mr Wales sail for Wellington.

Class 123, goldfinch mules, dark, 1st and 2nd prizes, H. Jones. Mr W. Hobbs, best pair of game birds, G. C. Plummer. Mr Cowell, best pair of Brahmas, J. Wheeler. Mr R. Wilkin, best collection of poultry, G. C. Plummer. LONDON, June 7. The cricket match between the Australians and the Yorkshire County Eleven was resumed to-day. The Home team, who had first innings, were all out for 216. The Australians were dismissed for 202. LONDON, June 7. There are no changes to report in the money markets or for colonial produce. At the wool sale to-day 11,000 bales were catalogued. Prices are firm. MELBOURNE, June 8. A select committee of the Legislative Assembly has been appointed to inquire into the working of the Education Act. AUCKLAND, June 8. Pakara and Kipa were committed for trial. DUNEDIN, June 8. Mr Butler, Mr Macandrew, and Mr Wales sail for Wellington.

Class 123, goldfinch mules, dark, 1st and 2nd prizes, H. Jones. Mr W. Hobbs, best pair of game birds, G. C. Plummer. Mr Cowell, best pair of Brahmas, J. Wheeler. Mr R. Wilkin, best collection of poultry, G. C. Plummer. LONDON, June 7. The cricket match between the Australians and the Yorkshire County Eleven was resumed to-day. The Home team, who had first innings, were all out for 216. The Australians were dismissed for 202. LONDON, June 7. There are no changes to report in the money markets or for colonial produce. At the wool sale to-day 11,000 bales were catalogued. Prices are firm. MELBOURNE, June 8. A select committee of the Legislative Assembly has been appointed to inquire into the working of the Education Act. AUCKLAND, June 8. Pakara and Kipa were committed for trial. DUNEDIN, June 8. Mr Butler, Mr Macandrew, and Mr Wales sail for Wellington.

Class 123, goldfinch mules, dark, 1st and 2nd prizes, H. Jones. Mr W. Hobbs, best pair of game birds, G. C. Plummer. Mr Cowell, best pair of Brahmas, J. Wheeler. Mr R. Wilkin, best collection of poultry, G. C. Plummer. LONDON, June 7. The cricket match between the Australians and the Yorkshire County Eleven was resumed to-day. The Home team, who had first innings, were all out for 216. The Australians were dismissed for 202. LONDON, June 7. There are no changes to report in the money markets or for colonial produce. At the wool sale to-day 11,000 bales were catalogued. Prices are firm. MELBOURNE, June 8. A select committee of the Legislative Assembly has been appointed to inquire into the working of the Education Act. AUCKLAND, June 8. Pakara and Kipa were committed for trial. DUNEDIN, June 8. Mr Butler, Mr Macandrew, and Mr Wales sail for Wellington.

STORMY WEATHER AT NAPIER.
[PRESS ASSOCIATION TELEGRAM.]

NAPIER, June 8. The heavy rain of the last few days has caused the most serious floods experienced for years. The whole country round Napier is under water. The residents in the Clive and Meanee districts had to be rescued in boats.

PREVENTION OF CRUELTY TO ANIMALS.

Last evening a public meeting was held in the Oddfellows' Hall, Lichfield street, to inaugurate a society for the above object. His Worship the Mayor presided. Amongst those present were the Bishop of Christchurch, Archdeacon Harris, the Revs. Mr Watson and Mr Cocks, and others.

The Bishop moved the first resolution, that a society be formed for the prevention of cruelty to animals. He said that societies of this kind were established in England and had done a great deal of good.

Mr Ollivier seconded the resolution, which was carried unanimously, and a committee was appointed to draw up rules. A vote of thanks to the chairman concluded the proceedings.

NAPIER, June 8. The heavy rain of the last few days has caused the most serious floods experienced for years. The whole country round Napier is under water. The residents in the Clive and Meanee districts had to be rescued in boats. Last evening a public meeting was held in the Oddfellows' Hall, Lichfield street, to inaugurate a society for the above object. His Worship the Mayor presided. Amongst those present were the Bishop of Christchurch, Archdeacon Harris, the Revs. Mr Watson and Mr Cocks, and others. The Bishop moved the first resolution, that a society be formed for the prevention of cruelty to animals. He said that societies of this kind were established in England and had done a great deal of good. Mr Ollivier seconded the resolution, which was carried unanimously, and a committee was appointed to draw up rules. A vote of thanks to the chairman concluded the proceedings.

NAPIER, June 8. The heavy rain of the last few days has caused the most serious floods experienced for years. The whole country round Napier is under water. The residents in the Clive and Meanee districts had to be rescued in boats. Last evening a public meeting was held in the Oddfellows' Hall, Lichfield street, to inaugurate a society for the above object. His Worship the Mayor presided. Amongst those present were the Bishop of Christchurch, Archdeacon Harris, the Revs. Mr Watson and Mr Cocks, and others. The Bishop moved the first resolution, that a society be formed for the prevention of cruelty to animals. He said that societies of this kind were established in England and had done a great deal of good. Mr Ollivier seconded the resolution, which was carried unanimously, and a committee was appointed to draw up rules. A vote of thanks to the chairman concluded the proceedings.

NAPIER, June 8. The heavy rain of the last few days has caused the most serious floods experienced for years. The whole country round Napier is under water. The residents in the Clive and Meanee districts had to be rescued in boats. Last evening a public meeting was held in the Oddfellows' Hall, Lichfield street, to inaugurate a society for the above object. His Worship the Mayor presided. Amongst those present were the Bishop of Christchurch, Archdeacon Harris, the Revs. Mr Watson and Mr Cocks, and others. The Bishop moved the first resolution, that a society be formed for the prevention of cruelty to animals. He said that societies of this kind were established in England and had done a great deal of good. Mr Ollivier seconded the resolution, which was carried unanimously, and a committee was appointed to draw up rules. A vote of thanks to the chairman concluded the proceedings.

NAPIER, June 8. The heavy rain of the last few days has caused the most serious floods experienced for years. The whole country round Napier is under water. The residents in the Clive and Meanee districts had to be rescued in boats. Last evening a public meeting was held in the Oddfellows' Hall, Lichfield street, to inaugurate a society for the above object. His Worship the Mayor presided. Amongst those present were the Bishop of Christchurch, Archdeacon Harris, the Revs. Mr Watson and Mr Cocks, and others. The Bishop moved the first resolution, that a society be formed for the prevention of cruelty to animals. He said that societies of this kind were established in England and had done a great deal of good. Mr Ollivier seconded the resolution, which was carried unanimously, and a committee was appointed to draw up rules. A vote of thanks to the chairman concluded the proceedings.

NAPIER, June 8. The heavy rain of the last few days has caused the most serious floods experienced for years. The whole country round Napier is under water. The residents in the Clive and Meanee districts had to be rescued in boats. Last evening a public meeting was held in the Oddfellows' Hall, Lichfield street, to inaugurate a society for the above object. His Worship the Mayor presided. Amongst those present were the Bishop of Christchurch, Archdeacon Harris, the Revs. Mr Watson and Mr Cocks, and others. The Bishop moved the first resolution, that a society be formed for the prevention of cruelty to animals. He said that societies of this kind were established in England and had done a great deal of good. Mr Ollivier seconded the resolution, which was carried unanimously, and a committee was appointed to draw up rules. A vote of thanks to the chairman concluded the proceedings.

NAPIER, June 8. The heavy rain of the last few days has caused the most serious floods experienced for years. The whole country round Napier is under water. The residents in the Clive and Meanee districts had to be rescued in boats. Last evening a public meeting was held in the Oddfellows' Hall, Lichfield street, to inaugurate a society for the above object. His Worship the Mayor presided. Amongst those present were the Bishop of Christchurch, Archdeacon Harris, the Revs. Mr Watson and Mr Cocks, and others. The Bishop moved the first resolution, that a society be formed for the prevention of cruelty to animals. He said that societies of this kind were established in England and had done a great deal of good. Mr Ollivier seconded the resolution, which was carried unanimously, and a committee was appointed to draw up rules. A vote of thanks to the chairman concluded the proceedings.
